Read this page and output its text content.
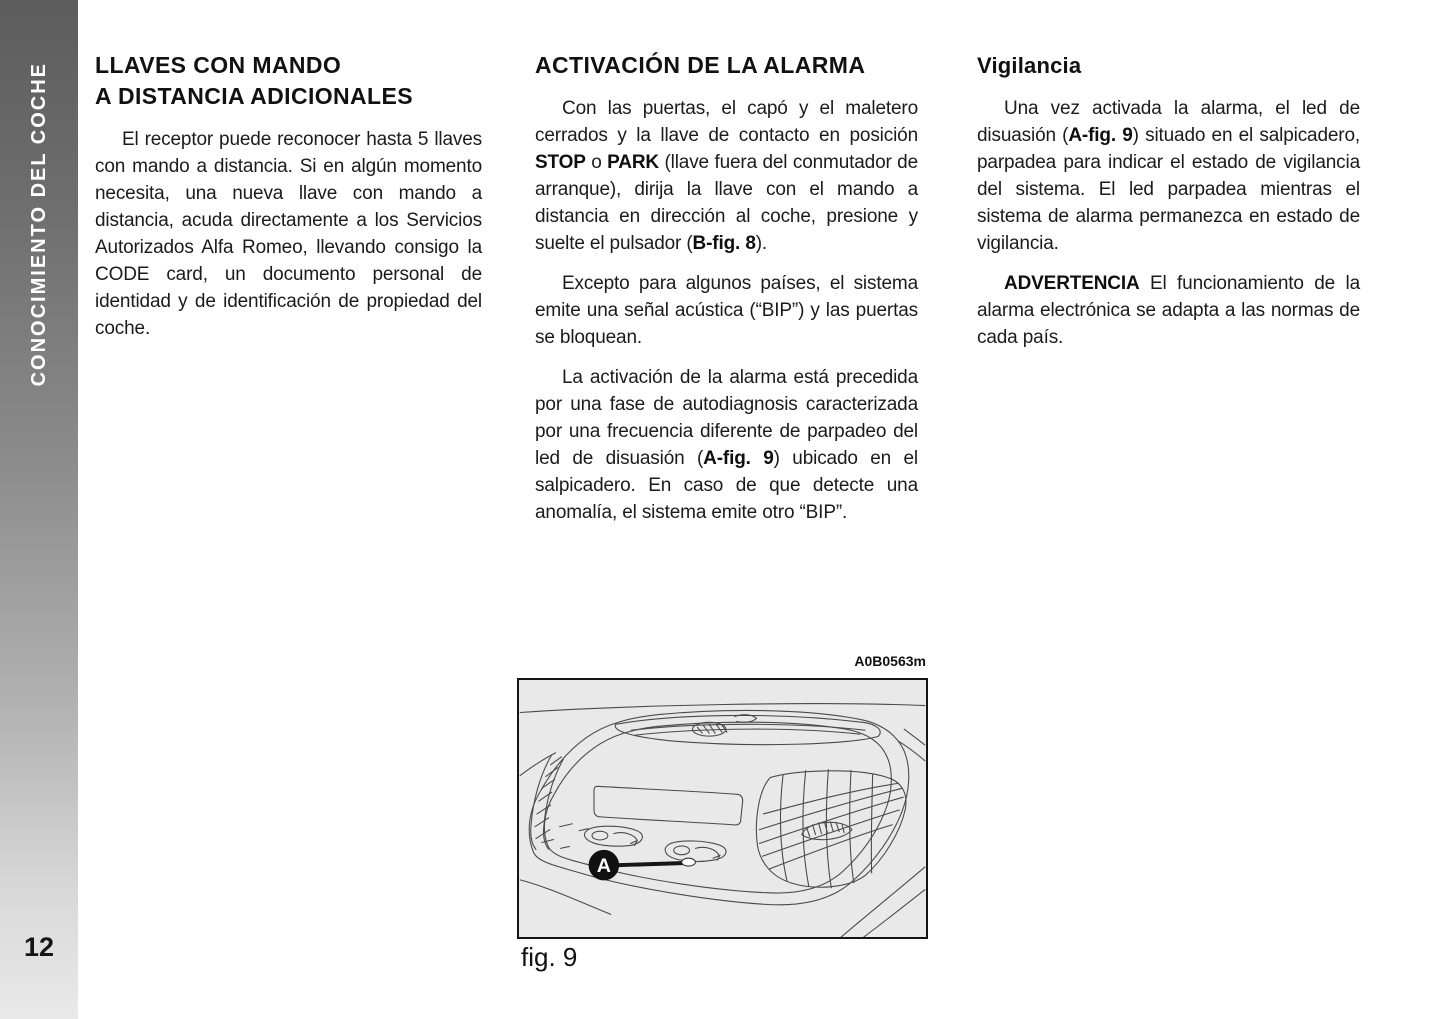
CONOCIMIENTO DEL COCHE
12
LLAVES CON MANDO
A DISTANCIA ADICIONALES

El receptor puede reconocer hasta 5 llaves con mando a distancia. Si en algún momento necesita, una nueva llave con mando a distancia, acuda directamente a los Servicios Autorizados Alfa Romeo, llevando consigo la CODE card, un documento personal de identidad y de identificación de propiedad del coche.

ACTIVACIÓN DE LA ALARMA

Con las puertas, el capó y el maletero cerrados y la llave de contacto en posición STOP o PARK (llave fuera del conmutador de arranque), dirija la llave con el mando a distancia en dirección al coche, presione y suelte el pulsador (B-fig. 8).

Excepto para algunos países, el sistema emite una señal acústica (“BIP”) y las puertas se bloquean.

La activación de la alarma está precedida por una fase de autodiagnosis caracterizada por una frecuencia diferente de parpadeo del led de disuasión (A-fig. 9) ubicado en el salpicadero. En caso de que detecte una anomalía, el sistema emite otro “BIP”.

Vigilancia

Una vez activada la alarma, el led de disuasión (A-fig. 9) situado en el salpicadero, parpadea para indicar el estado de vigilancia del sistema. El led parpadea mientras el sistema de alarma permanezca en estado de vigilancia.

ADVERTENCIA El funcionamiento de la alarma electrónica se adapta a las normas de cada país.

A0B0563m
A
fig. 9
